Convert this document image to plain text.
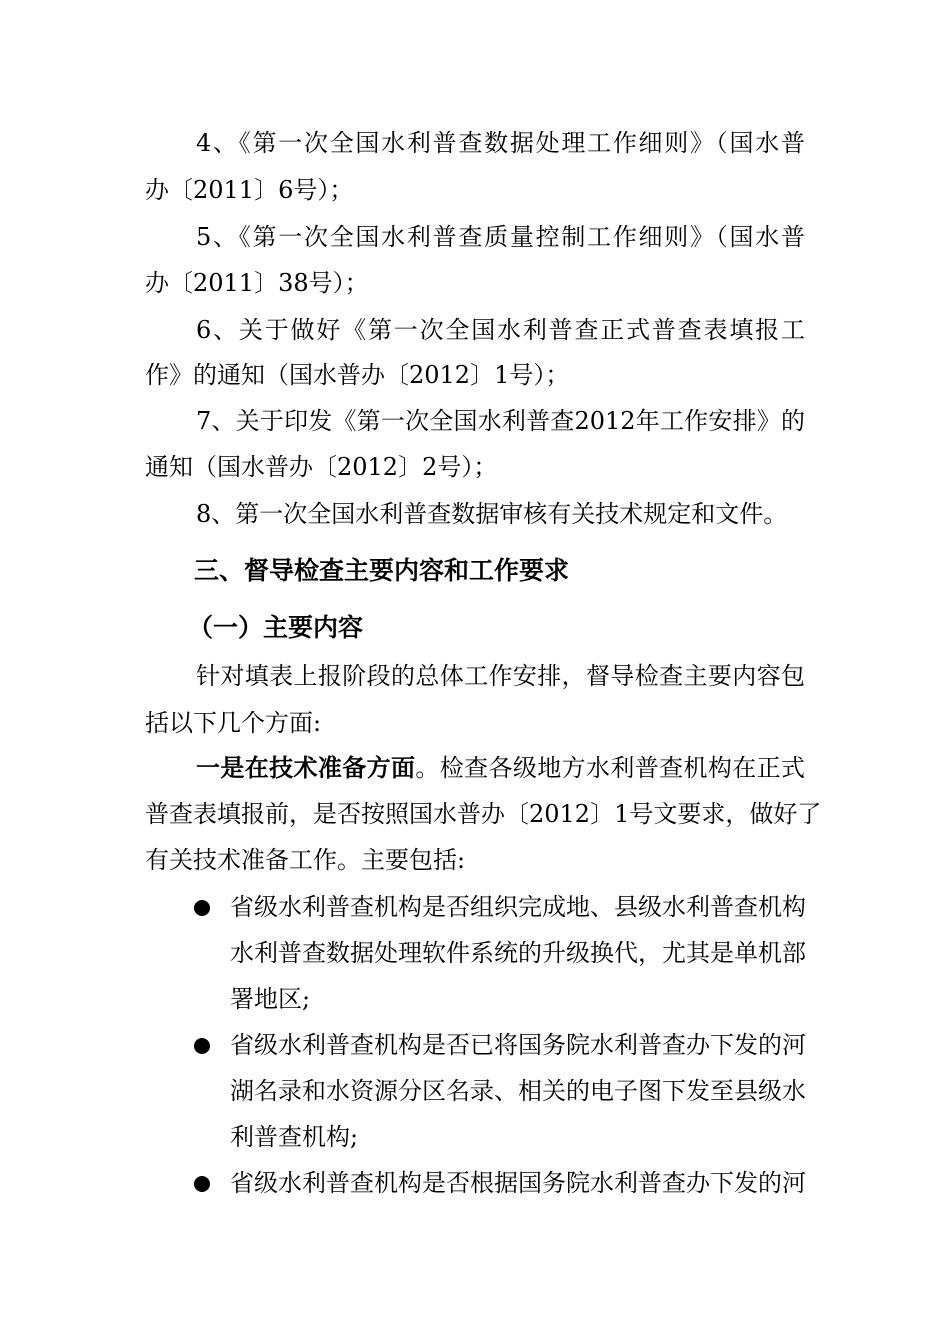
4、《第一次全国水利普查数据处理工作细则》（国水普
办〔2011〕6号）；
5、《第一次全国水利普查质量控制工作细则》（国水普
办〔2011〕38号）；
6、关于做好《第一次全国水利普查正式普查表填报工
作》的通知（国水普办〔2012〕1号）；
7、关于印发《第一次全国水利普查2012年工作安排》的
通知（国水普办〔2012〕2号）；
8、第一次全国水利普查数据审核有关技术规定和文件。
三、督导检查主要内容和工作要求
（一）主要内容
针对填表上报阶段的总体工作安排，督导检查主要内容包
括以下几个方面:
一是在技术准备方面。检查各级地方水利普查机构在正式
普查表填报前，是否按照国水普办〔2012〕1号文要求，做好了
有关技术准备工作。主要包括:
省级水利普查机构是否组织完成地、县级水利普查机构
水利普查数据处理软件系统的升级换代，尤其是单机部
署地区;
省级水利普查机构是否已将国务院水利普查办下发的河
湖名录和水资源分区名录、相关的电子图下发至县级水
利普查机构;
省级水利普查机构是否根据国务院水利普查办下发的河
